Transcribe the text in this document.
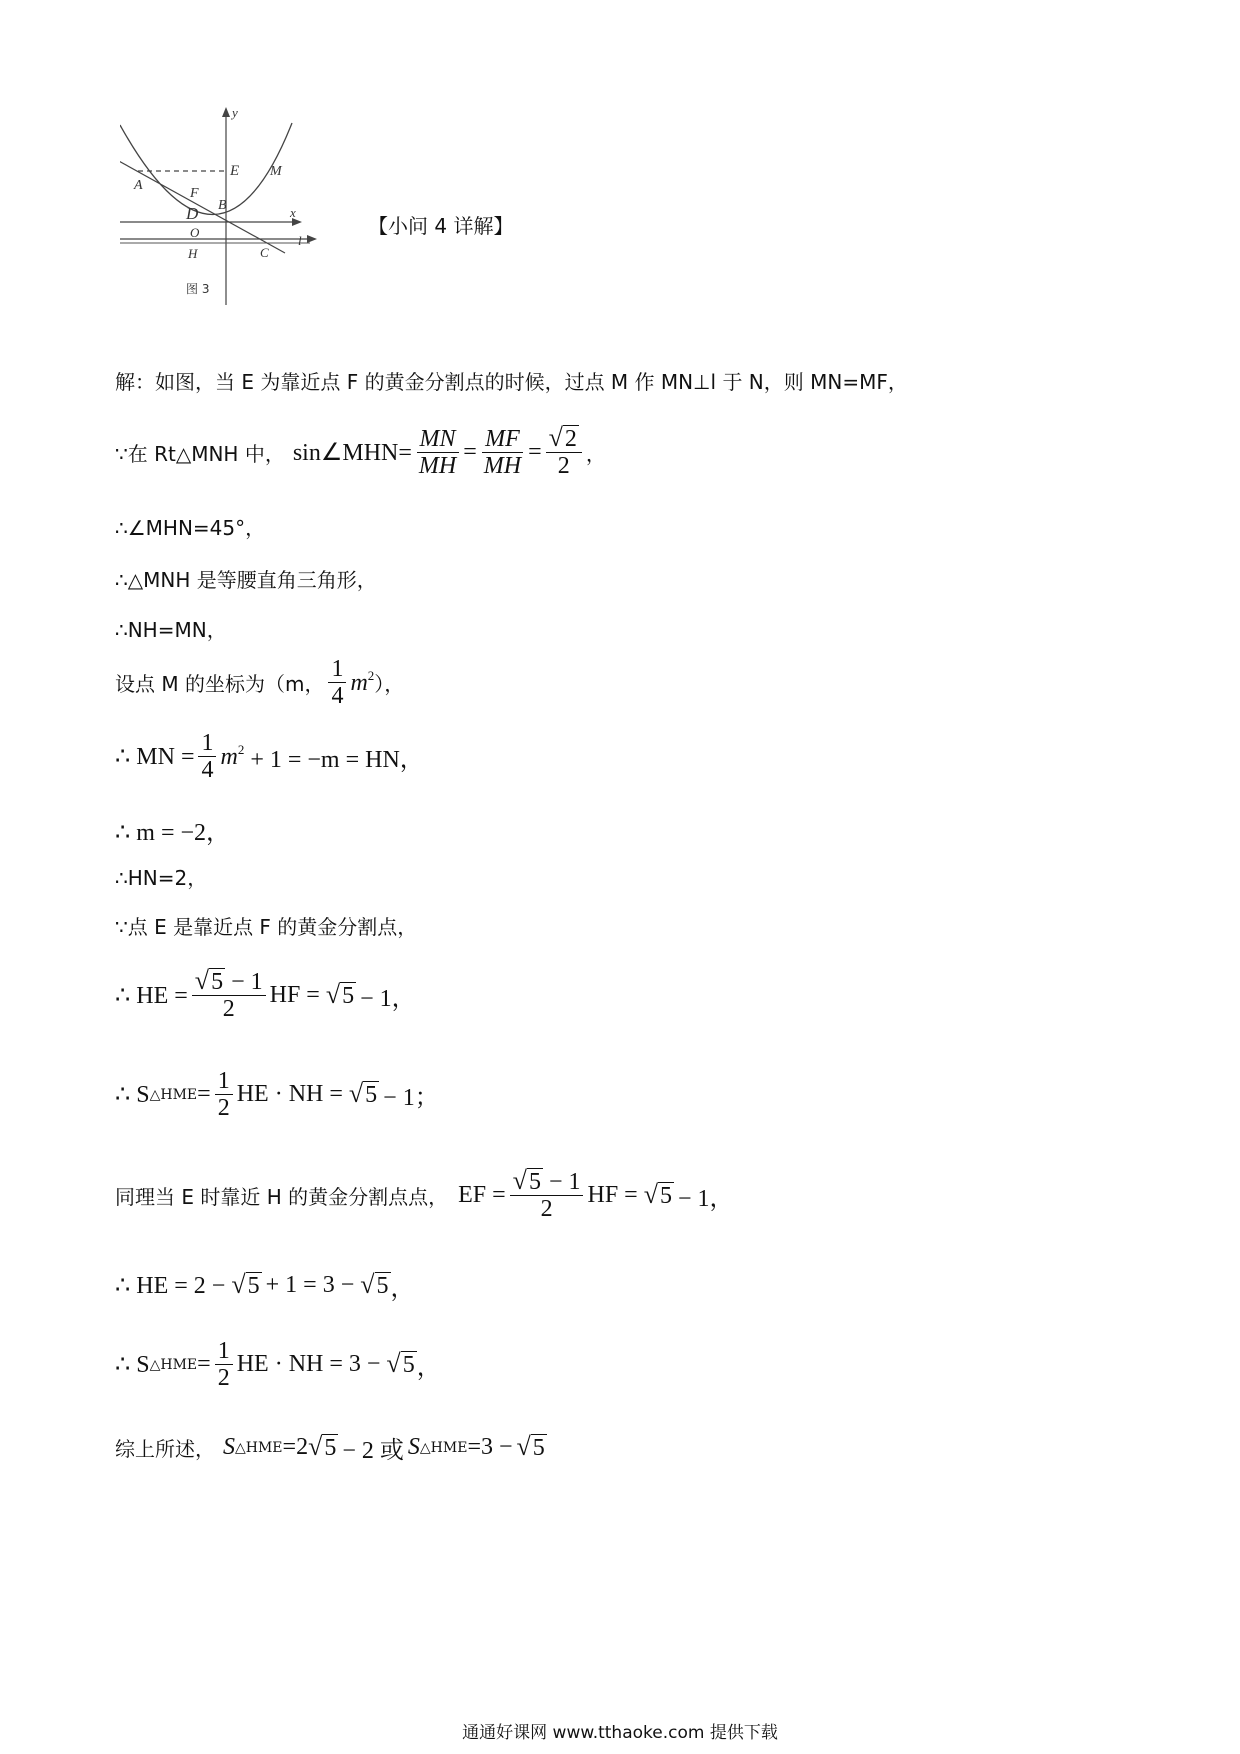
y
x
E M
A
F
B
D
O
H	C
l
图 3
【小问 4 详解】
解：如图，当 E 为靠近点 F 的黄金分割点的时候，过点 M 作 MN⊥l 于 N，则 MN=MF，
∵在 Rt△MNH 中， sin∠MHN= $\frac{MN}{MH} = \frac{MF}{MH} = \frac{√ 2}{2}$ ，
∴∠MHN=45°，
∴△MNH 是等腰直角三角形，
∴NH=MN，
设点 M 的坐标为（m， $\frac{1}{4} m^2$ ），
∴ MN = $\frac{1}{4} m^2 + 1 = -m$ = HN，
∴ m = −2，
∴HN=2，
∵点 E 是靠近点 F 的黄金分割点，
∴ HE = $\frac{√ 5 - 1}{2}$ HF = √ 5 − 1，
∴ S △HME = $\frac{1}{2}$ HE · NH = √ 5 − 1；
同理当 E 时靠近 H 的黄金分割点点， EF = $\frac{√ 5 - 1}{2}$ HF = √ 5 − 1，
∴ HE = 2 − √ 5 + 1 = 3 − √ 5 ，
∴ S △HME = $\frac{1}{2}$ HE · NH = 3 − √ 5 ，
综上所述， S △HME =2 √ 5 − 2 或 S △HME =3 − √ 5
通通好课网 www.tthaoke.com 提供下载
